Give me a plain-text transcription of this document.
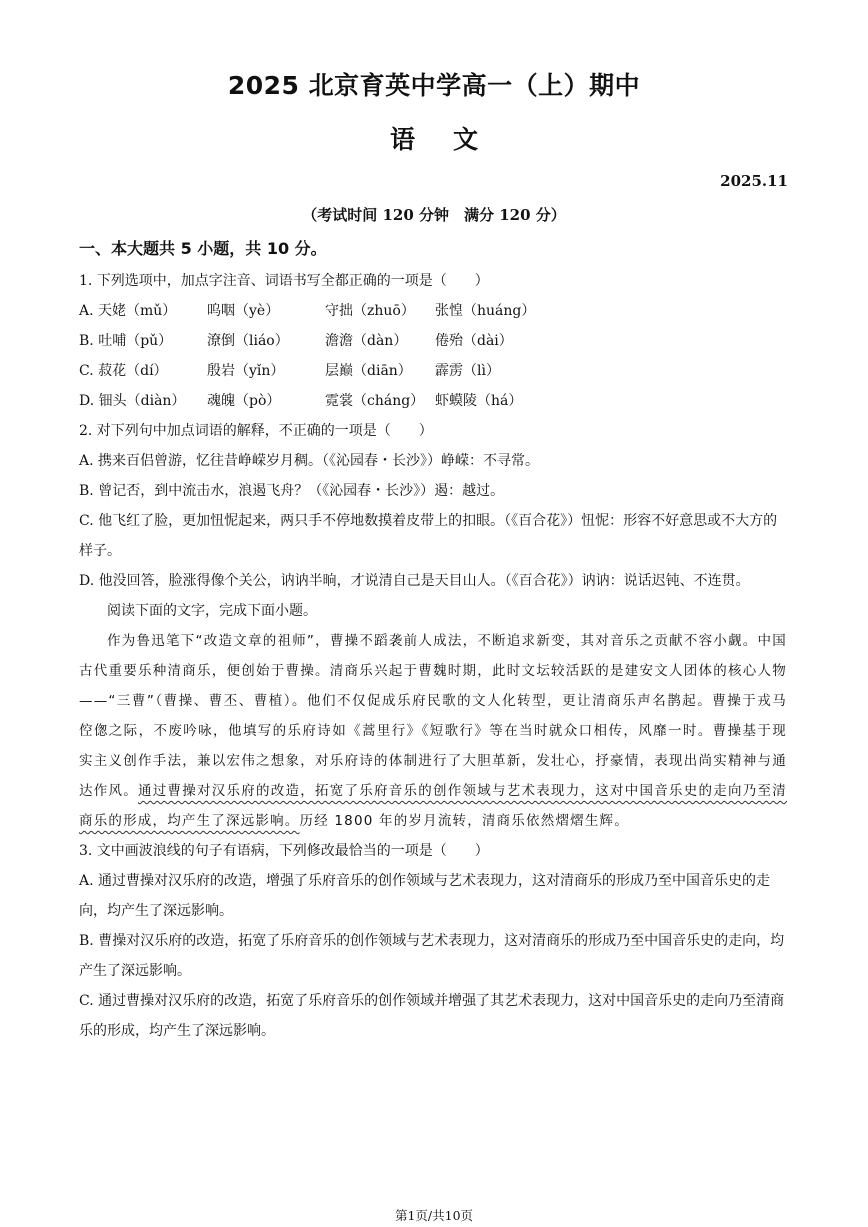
2025 北京育英中学高一（上）期中
语文
2025.11
（考试时间 120 分钟　满分 120 分）
一、本大题共 5 小题，共 10 分。
1. 下列选项中，加点字注音、词语书写全都正确的一项是（　　）
A. 天姥（mǔ） 呜咽（yè）	守拙（zhuō） 张惶（huáng）
B. 吐哺（pǔ） 潦倒（liáo）	澹澹（dàn） 倦殆（dài）
C. 菽花（dí）	殷岩（yǐn）	层巅（diān） 霹雳（lì）
D. 钿头（diàn） 魂魄（pò）	霓裳（cháng） 虾蟆陵（há）
2. 对下列句中加点词语的解释，不正确的一项是（　　）
A. 携来百侣曾游，忆往昔峥嵘岁月稠。（《沁园春・长沙》）峥嵘：不寻常。
B. 曾记否，到中流击水，浪遏飞舟？（《沁园春・长沙》）遏：越过。
C. 他飞红了脸，更加忸怩起来，两只手不停地数摸着皮带上的扣眼。（《百合花》）忸怩：形容不好意思或不大方的样子。
D. 他没回答，脸涨得像个关公，讷讷半晌，才说清自己是天目山人。（《百合花》）讷讷：说话迟钝、不连贯。
阅读下面的文字，完成下面小题。
作为鲁迅笔下“改造文章的祖师”，曹操不蹈袭前人成法，不断追求新变，其对音乐之贡献不容小觑。中国古代重要乐种清商乐，便创始于曹操。清商乐兴起于曹魏时期，此时文坛较活跃的是建安文人团体的核心人物——“三曹”（曹操、曹丕、曹植）。他们不仅促成乐府民歌的文人化转型，更让清商乐声名鹊起。曹操于戎马倥偬之际，不废吟咏，他填写的乐府诗如《蒿里行》《短歌行》等在当时就众口相传，风靡一时。曹操基于现实主义创作手法，兼以宏伟之想象，对乐府诗的体制进行了大胆革新，发壮心，抒豪情，表现出尚实精神与通达作风。通过曹操对汉乐府的改造，拓宽了乐府音乐的创作领域与艺术表现力，这对中国音乐史的走向乃至清商乐的形成，均产生了深远影响。历经 1800 年的岁月流转，清商乐依然熠熠生辉。
3. 文中画波浪线的句子有语病，下列修改最恰当的一项是（　　）
A. 通过曹操对汉乐府的改造，增强了乐府音乐的创作领域与艺术表现力，这对清商乐的形成乃至中国音乐史的走向，均产生了深远影响。
B. 曹操对汉乐府的改造，拓宽了乐府音乐的创作领域与艺术表现力，这对清商乐的形成乃至中国音乐史的走向，均产生了深远影响。
C. 通过曹操对汉乐府的改造，拓宽了乐府音乐的创作领域并增强了其艺术表现力，这对中国音乐史的走向乃至清商乐的形成，均产生了深远影响。
第1页/共10页
